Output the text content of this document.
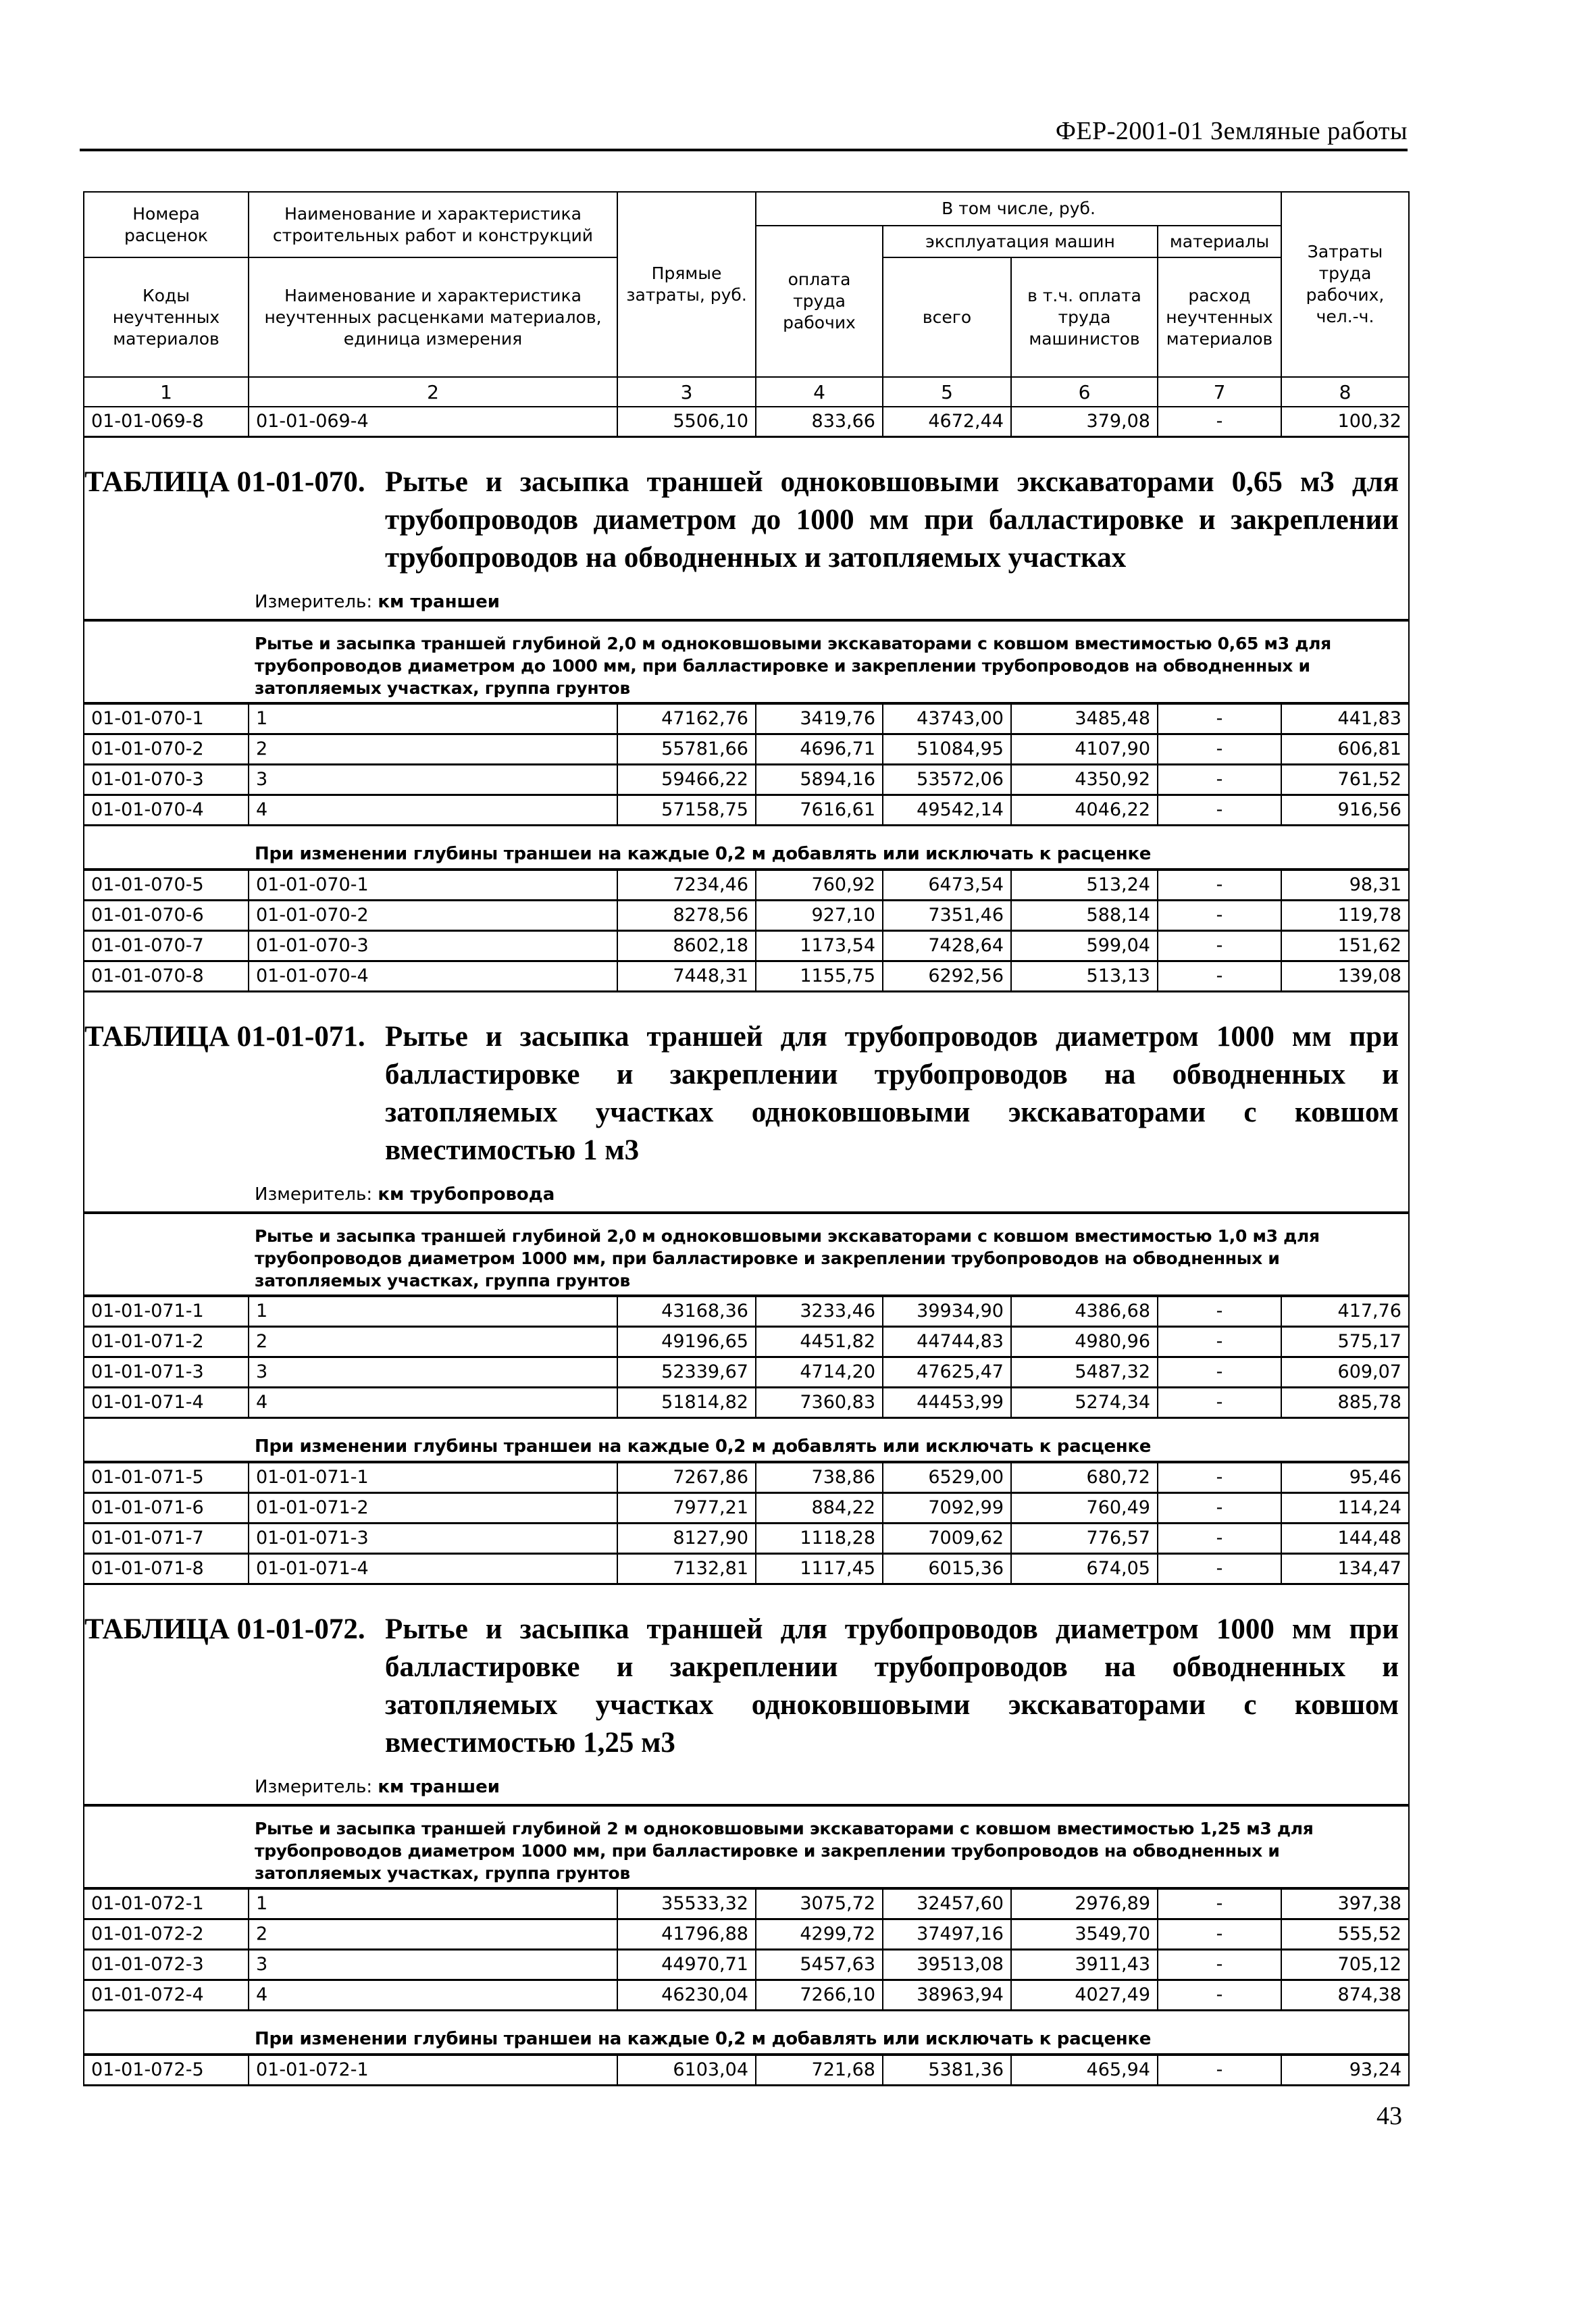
ФЕР-2001-01 Земляные работы
Номера расценок	Наименование и характеристика строительных работ и конструкций	Прямые затраты, руб.	В том числе, руб.				Затраты труда рабочих, чел.-ч.
			оплата труда рабочих	эксплуатация машин		материалы	
Коды неучтенных материалов	Наименование и характеристика неучтенных расценками материалов, единица измерения			всего	в т.ч. оплата труда машинистов	расход неучтенных материалов	

1	2	3	4	5	6	7	8
01-01-069-8	01-01-069-4	5506,10	833,66	4672,44	379,08	-	100,32

ТАБЛИЦА 01-01-070. Рытье и засыпка траншей одноковшовыми экскаваторами 0,65 м3 для трубопроводов диаметром до 1000 мм при балластировке и закреплении трубопроводов на обводненных и затопляемых участках
Измеритель: км траншеи							

Рытье и засыпка траншей глубиной 2,0 м одноковшовыми экскаваторами с ковшом вместимостью 0,65 м3 для трубопроводов диаметром до 1000 мм, при балластировке и закреплении трубопроводов на обводненных и затопляемых участках, группа грунтов							

01-01-070-1	1	47162,76	3419,76	43743,00	3485,48	-	441,83
01-01-070-2	2	55781,66	4696,71	51084,95	4107,90	-	606,81
01-01-070-3	3	59466,22	5894,16	53572,06	4350,92	-	761,52
01-01-070-4	4	57158,75	7616,61	49542,14	4046,22	-	916,56

При изменении глубины траншеи на каждые 0,2 м добавлять или исключать к расценке							

01-01-070-5	01-01-070-1	7234,46	760,92	6473,54	513,24	-	98,31
01-01-070-6	01-01-070-2	8278,56	927,10	7351,46	588,14	-	119,78
01-01-070-7	01-01-070-3	8602,18	1173,54	7428,64	599,04	-	151,62
01-01-070-8	01-01-070-4	7448,31	1155,75	6292,56	513,13	-	139,08

ТАБЛИЦА 01-01-071. Рытье и засыпка траншей для трубопроводов диаметром 1000 мм при балластировке и закреплении трубопроводов на обводненных и затопляемых участках одноковшовыми экскаваторами с ковшом вместимостью 1 м3
Измеритель: км трубопровода							

Рытье и засыпка траншей глубиной 2,0 м одноковшовыми экскаваторами с ковшом вместимостью 1,0 м3 для трубопроводов диаметром 1000 мм, при балластировке и закреплении трубопроводов на обводненных и затопляемых участках, группа грунтов							

01-01-071-1	1	43168,36	3233,46	39934,90	4386,68	-	417,76
01-01-071-2	2	49196,65	4451,82	44744,83	4980,96	-	575,17
01-01-071-3	3	52339,67	4714,20	47625,47	5487,32	-	609,07
01-01-071-4	4	51814,82	7360,83	44453,99	5274,34	-	885,78

При изменении глубины траншеи на каждые 0,2 м добавлять или исключать к расценке							

01-01-071-5	01-01-071-1	7267,86	738,86	6529,00	680,72	-	95,46
01-01-071-6	01-01-071-2	7977,21	884,22	7092,99	760,49	-	114,24
01-01-071-7	01-01-071-3	8127,90	1118,28	7009,62	776,57	-	144,48
01-01-071-8	01-01-071-4	7132,81	1117,45	6015,36	674,05	-	134,47

ТАБЛИЦА 01-01-072. Рытье и засыпка траншей для трубопроводов диаметром 1000 мм при балластировке и закреплении трубопроводов на обводненных и затопляемых участках одноковшовыми экскаваторами с ковшом вместимостью 1,25 м3
Измеритель: км траншеи							

Рытье и засыпка траншей глубиной 2 м одноковшовыми экскаваторами с ковшом вместимостью 1,25 м3 для трубопроводов диаметром 1000 мм, при балластировке и закреплении трубопроводов на обводненных и затопляемых участках, группа грунтов							

01-01-072-1	1	35533,32	3075,72	32457,60	2976,89	-	397,38
01-01-072-2	2	41796,88	4299,72	37497,16	3549,70	-	555,52
01-01-072-3	3	44970,71	5457,63	39513,08	3911,43	-	705,12
01-01-072-4	4	46230,04	7266,10	38963,94	4027,49	-	874,38

При изменении глубины траншеи на каждые 0,2 м добавлять или исключать к расценке							

01-01-072-5	01-01-072-1	6103,04	721,68	5381,36	465,94	-	93,24
43
